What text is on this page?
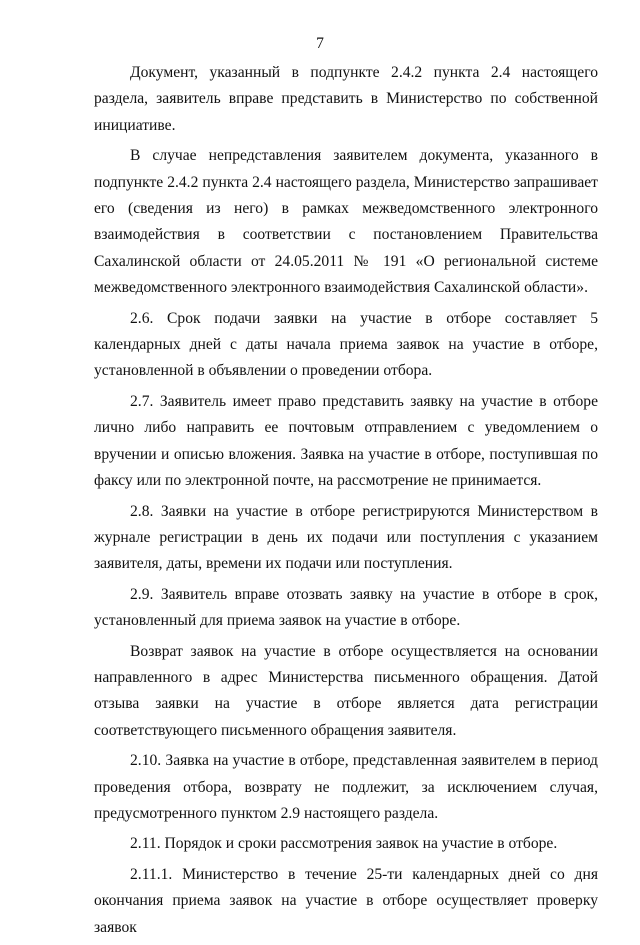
7

Документ, указанный в подпункте 2.4.2 пункта 2.4 настоящего раздела, заявитель вправе представить в Министерство по собственной инициативе.

В случае непредставления заявителем документа, указанного в подпункте 2.4.2 пункта 2.4 настоящего раздела, Министерство запрашивает его (сведения из него) в рамках межведомственного электронного взаимодействия в соответствии с постановлением Правительства Сахалинской области от 24.05.2011 № 191 «О региональной системе межведомственного электронного взаимодействия Сахалинской области».

2.6. Срок подачи заявки на участие в отборе составляет 5 календарных дней с даты начала приема заявок на участие в отборе, установленной в объявлении о проведении отбора.

2.7. Заявитель имеет право представить заявку на участие в отборе лично либо направить ее почтовым отправлением с уведомлением о вручении и описью вложения. Заявка на участие в отборе, поступившая по факсу или по электронной почте, на рассмотрение не принимается.

2.8. Заявки на участие в отборе регистрируются Министерством в журнале регистрации в день их подачи или поступления с указанием заявителя, даты, времени их подачи или поступления.

2.9. Заявитель вправе отозвать заявку на участие в отборе в срок, установленный для приема заявок на участие в отборе.

Возврат заявок на участие в отборе осуществляется на основании направленного в адрес Министерства письменного обращения. Датой отзыва заявки на участие в отборе является дата регистрации соответствующего письменного обращения заявителя.

2.10. Заявка на участие в отборе, представленная заявителем в период проведения отбора, возврату не подлежит, за исключением случая, предусмотренного пунктом 2.9 настоящего раздела.

2.11. Порядок и сроки рассмотрения заявок на участие в отборе.

2.11.1. Министерство в течение 25-ти календарных дней со дня окончания приема заявок на участие в отборе осуществляет проверку заявок
